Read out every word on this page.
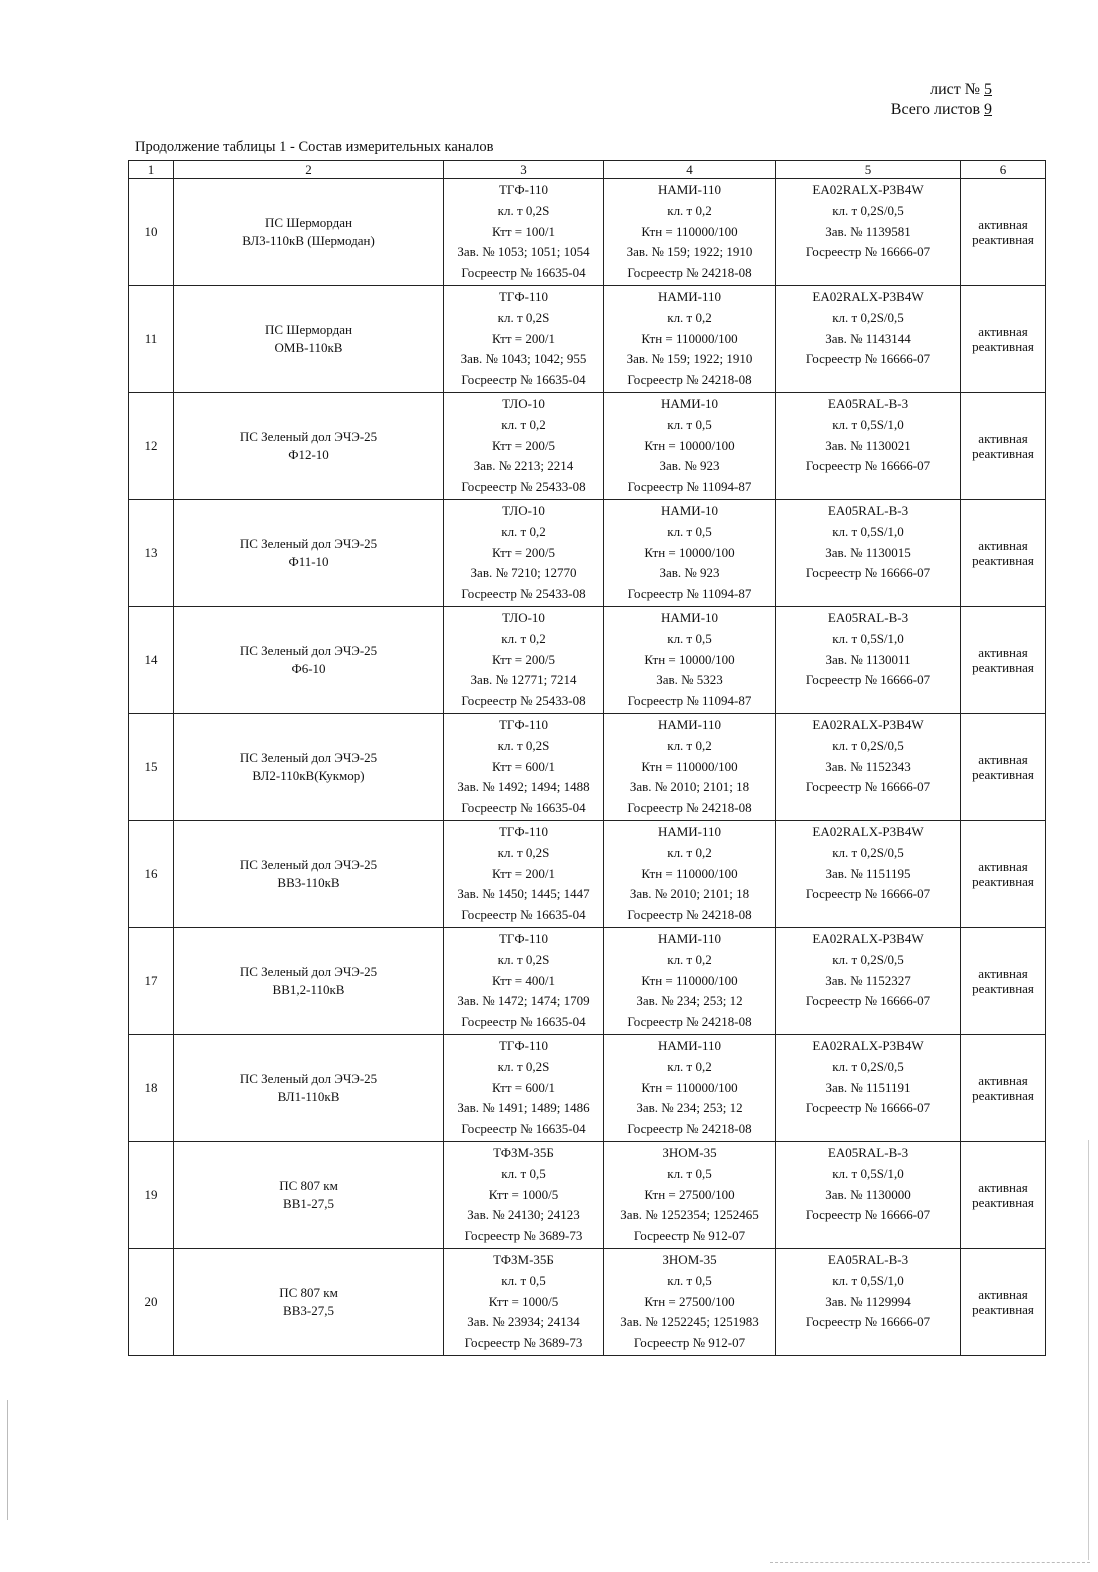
лист № 5
Всего листов 9
Продолжение таблицы 1 - Состав измерительных каналов
1	2	3	4	5	6
10	ПС Шермордан
ВЛ3-110кВ (Шермодан)	ТГФ-110
кл. т 0,2S
Ктт = 100/1
Зав. № 1053; 1051; 1054
Госреестр № 16635-04	НАМИ-110
кл. т 0,2
Ктн = 110000/100
Зав. № 159; 1922; 1910
Госреестр № 24218-08	EA02RALX-P3B4W
кл. т 0,2S/0,5
Зав. № 1139581
Госреестр № 16666-07	активная
реактивная

11	ПС Шермордан
ОМВ-110кВ	ТГФ-110
кл. т 0,2S
Ктт = 200/1
Зав. № 1043; 1042; 955
Госреестр № 16635-04	НАМИ-110
кл. т 0,2
Ктн = 110000/100
Зав. № 159; 1922; 1910
Госреестр № 24218-08	EA02RALX-P3B4W
кл. т 0,2S/0,5
Зав. № 1143144
Госреестр № 16666-07	активная
реактивная

12	ПС Зеленый дол ЭЧЭ-25
Ф12-10	ТЛО-10
кл. т 0,2
Ктт = 200/5
Зав. № 2213; 2214
Госреестр № 25433-08	НАМИ-10
кл. т 0,5
Ктн = 10000/100
Зав. № 923
Госреестр № 11094-87	EA05RAL-B-3
кл. т 0,5S/1,0
Зав. № 1130021
Госреестр № 16666-07	активная
реактивная

13	ПС Зеленый дол ЭЧЭ-25
Ф11-10	ТЛО-10
кл. т 0,2
Ктт = 200/5
Зав. № 7210; 12770
Госреестр № 25433-08	НАМИ-10
кл. т 0,5
Ктн = 10000/100
Зав. № 923
Госреестр № 11094-87	EA05RAL-B-3
кл. т 0,5S/1,0
Зав. № 1130015
Госреестр № 16666-07	активная
реактивная

14	ПС Зеленый дол ЭЧЭ-25
Ф6-10	ТЛО-10
кл. т 0,2
Ктт = 200/5
Зав. № 12771; 7214
Госреестр № 25433-08	НАМИ-10
кл. т 0,5
Ктн = 10000/100
Зав. № 5323
Госреестр № 11094-87	EA05RAL-B-3
кл. т 0,5S/1,0
Зав. № 1130011
Госреестр № 16666-07	активная
реактивная

15	ПС Зеленый дол ЭЧЭ-25
ВЛ2-110кВ(Кукмор)	ТГФ-110
кл. т 0,2S
Ктт = 600/1
Зав. № 1492; 1494; 1488
Госреестр № 16635-04	НАМИ-110
кл. т 0,2
Ктн = 110000/100
Зав. № 2010; 2101; 18
Госреестр № 24218-08	EA02RALX-P3B4W
кл. т 0,2S/0,5
Зав. № 1152343
Госреестр № 16666-07	активная
реактивная

16	ПС Зеленый дол ЭЧЭ-25
ВВ3-110кВ	ТГФ-110
кл. т 0,2S
Ктт = 200/1
Зав. № 1450; 1445; 1447
Госреестр № 16635-04	НАМИ-110
кл. т 0,2
Ктн = 110000/100
Зав. № 2010; 2101; 18
Госреестр № 24218-08	EA02RALX-P3B4W
кл. т 0,2S/0,5
Зав. № 1151195
Госреестр № 16666-07	активная
реактивная

17	ПС Зеленый дол ЭЧЭ-25
ВВ1,2-110кВ	ТГФ-110
кл. т 0,2S
Ктт = 400/1
Зав. № 1472; 1474; 1709
Госреестр № 16635-04	НАМИ-110
кл. т 0,2
Ктн = 110000/100
Зав. № 234; 253; 12
Госреестр № 24218-08	EA02RALX-P3B4W
кл. т 0,2S/0,5
Зав. № 1152327
Госреестр № 16666-07	активная
реактивная

18	ПС Зеленый дол ЭЧЭ-25
ВЛ1-110кВ	ТГФ-110
кл. т 0,2S
Ктт = 600/1
Зав. № 1491; 1489; 1486
Госреестр № 16635-04	НАМИ-110
кл. т 0,2
Ктн = 110000/100
Зав. № 234; 253; 12
Госреестр № 24218-08	EA02RALX-P3B4W
кл. т 0,2S/0,5
Зав. № 1151191
Госреестр № 16666-07	активная
реактивная

19	ПС 807 км
ВВ1-27,5	ТФЗМ-35Б
кл. т 0,5
Ктт = 1000/5
Зав. № 24130; 24123
Госреестр № 3689-73	ЗНОМ-35
кл. т 0,5
Ктн = 27500/100
Зав. № 1252354; 1252465
Госреестр № 912-07	EA05RAL-B-3
кл. т 0,5S/1,0
Зав. № 1130000
Госреестр № 16666-07	активная
реактивная

20	ПС 807 км
ВВ3-27,5	ТФЗМ-35Б
кл. т 0,5
Ктт = 1000/5
Зав. № 23934; 24134
Госреестр № 3689-73	ЗНОМ-35
кл. т 0,5
Ктн = 27500/100
Зав. № 1252245; 1251983
Госреестр № 912-07	EA05RAL-B-3
кл. т 0,5S/1,0
Зав. № 1129994
Госреестр № 16666-07	активная
реактивная
